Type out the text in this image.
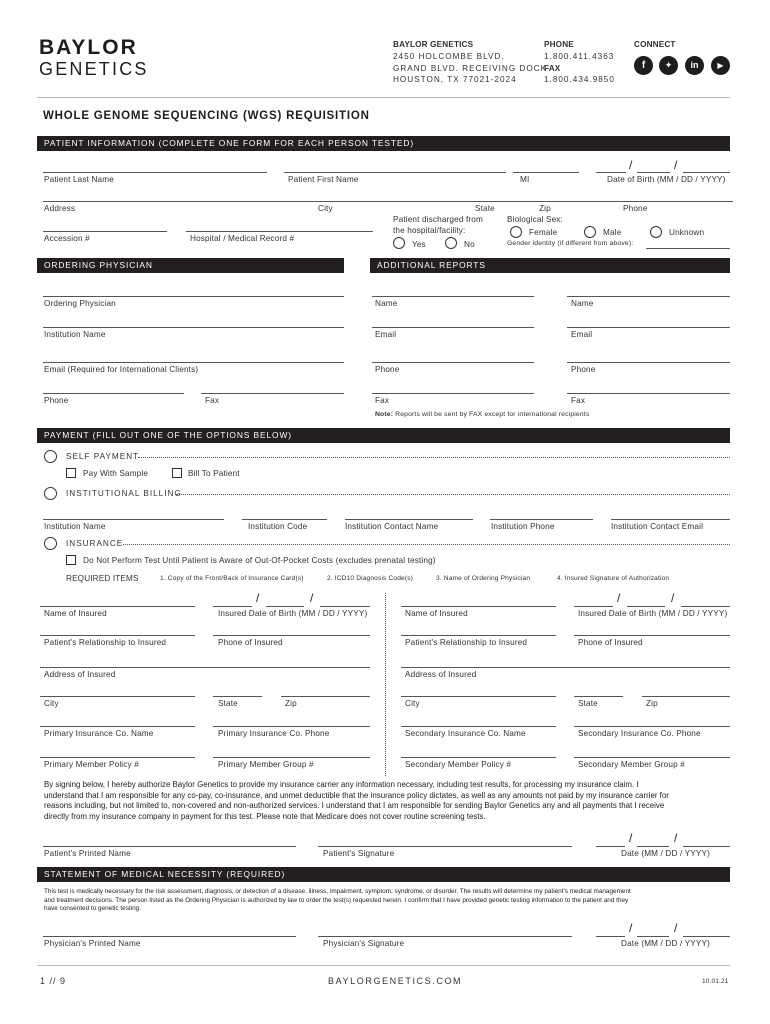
BAYLOR
GENETICS
BAYLOR GENETICS
2450 HOLCOMBE BLVD.
GRAND BLVD. RECEIVING DOCK
HOUSTON, TX 77021-2024
PHONE
1.800.411.4363
FAX
1.800.434.9850
CONNECT
f	✦	in	▶
WHOLE GENOME SEQUENCING (WGS) REQUISITION
PATIENT INFORMATION (COMPLETE ONE FORM FOR EACH PERSON TESTED)
/	/
Patient Last Name	Patient First Name	MI	Date of Birth (MM / DD / YYYY)
Address	City	State	Zip	Phone
Accession #	Hospital / Medical Record #
Patient discharged from
the hospital/facility:
Yes	No
Biological Sex:
Female	Male	Unknown
Gender identity (if different from above):
ORDERING PHYSICIAN	ADDITIONAL REPORTS
Ordering Physician
Institution Name
Email (Required for International Clients)
Phone	Fax
Name	Name
Email	Email
Phone	Phone
Fax	Fax
Note: Reports will be sent by FAX except for international recipients
PAYMENT (FILL OUT ONE OF THE OPTIONS BELOW)
SELF PAYMENT
Pay With Sample	Bill To Patient
INSTITUTIONAL BILLING
Institution Name	Institution Code	Institution Contact Name	Institution Phone	Institution Contact Email
INSURANCE
Do Not Perform Test Until Patient is Aware of Out-Of-Pocket Costs (excludes prenatal testing)
REQUIRED ITEMS	1. Copy of the Front/Back of Insurance Card(s)	2. ICD10 Diagnosis Code(s)	3. Name of Ordering Physician	4. Insured Signature of Authorization
/	/
Name of Insured	Insured Date of Birth (MM / DD / YYYY)
Patient's Relationship to Insured	Phone of Insured
Address of Insured
City	State	Zip
Primary Insurance Co. Name	Primary Insurance Co. Phone
Primary Member Policy #	Primary Member Group #
/	/
Name of Insured	Insured Date of Birth (MM / DD / YYYY)
Patient's Relationship to Insured	Phone of Insured
Address of Insured
City	State	Zip
Secondary Insurance Co. Name	Secondary Insurance Co. Phone
Secondary Member Policy #	Secondary Member Group #
By signing below, I hereby authorize Baylor Genetics to provide my insurance carrier any information necessary, including test results, for processing my insurance claim. I
understand that I am responsible for any co-pay, co-insurance, and unmet deductible that the insurance policy dictates, as well as any amounts not paid by my insurance carrier for
reasons including, but not limited to, non-covered and non-authorized services. I understand that I am responsible for sending Baylor Genetics any and all payments that I receive
directly from my insurance company in payment for this test. Please note that Medicare does not cover routine screening tests.
/	/
Patient's Printed Name	Patient's Signature	Date (MM / DD / YYYY)
STATEMENT OF MEDICAL NECESSITY (REQUIRED)
This test is medically necessary for the risk assessment, diagnosis, or detection of a disease, illness, impairment, symptom, syndrome, or disorder. The results will determine my patient's medical management
and treatment decisions. The person listed as the Ordering Physician is authorized by law to order the test(s) requested herein. I confirm that I have provided genetic testing information to the patient and they
have consented to genetic testing.
/	/
Physician's Printed Name	Physician's Signature	Date (MM / DD / YYYY)
1 // 9	BAYLORGENETICS.COM	10.01.21
